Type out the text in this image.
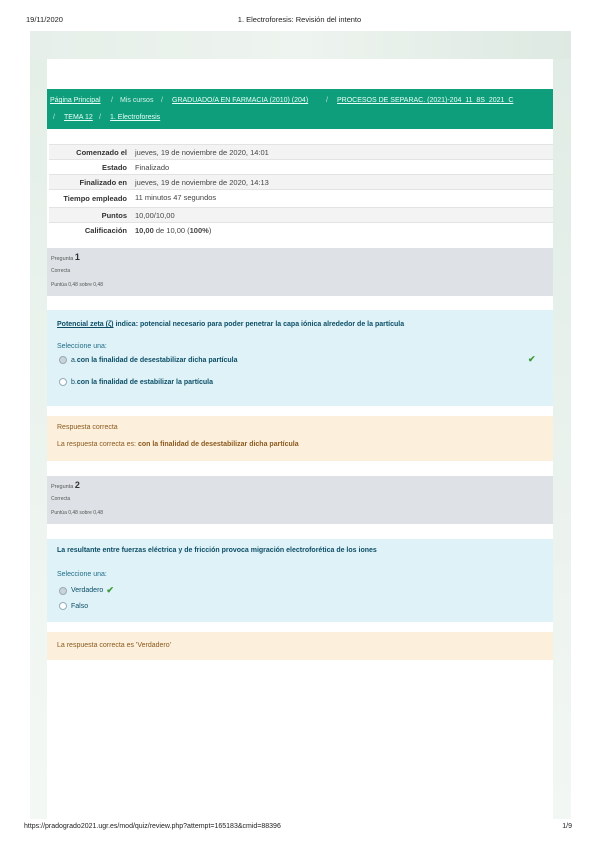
19/11/2020	1. Electroforesis: Revisión del intento
Página Principal / Mis cursos / GRADUADO/A EN FARMACIA (2010) (204)	/ PROCESOS DE SEPARAC. (2021)-204_11_8S_2021_C
/ TEMA 12 / 1. Electroforesis
Comenzado el	jueves, 19 de noviembre de 2020, 14:01
Estado	Finalizado
Finalizado en	jueves, 19 de noviembre de 2020, 14:13
Tiempo empleado	11 minutos 47 segundos
Puntos	10,00/10,00
Calificación	10,00 de 10,00 (100%)
Pregunta 1
Correcta
Puntúa 0,48 sobre 0,48
Potencial zeta (ζ) indica: potencial necesario para poder penetrar la capa iónica alrededor de la partícula
Seleccione una:
a. con la finalidad de desestabilizar dicha partícula	✔
b. con la finalidad de estabilizar la partícula
Respuesta correcta
La respuesta correcta es: con la finalidad de desestabilizar dicha partícula
Pregunta 2
Correcta
Puntúa 0,48 sobre 0,48
La resultante entre fuerzas eléctrica y de fricción provoca migración electroforética de los iones
Seleccione una:
Verdadero ✔
Falso
La respuesta correcta es 'Verdadero'
https://pradogrado2021.ugr.es/mod/quiz/review.php?attempt=165183&cmid=88396	1/9
